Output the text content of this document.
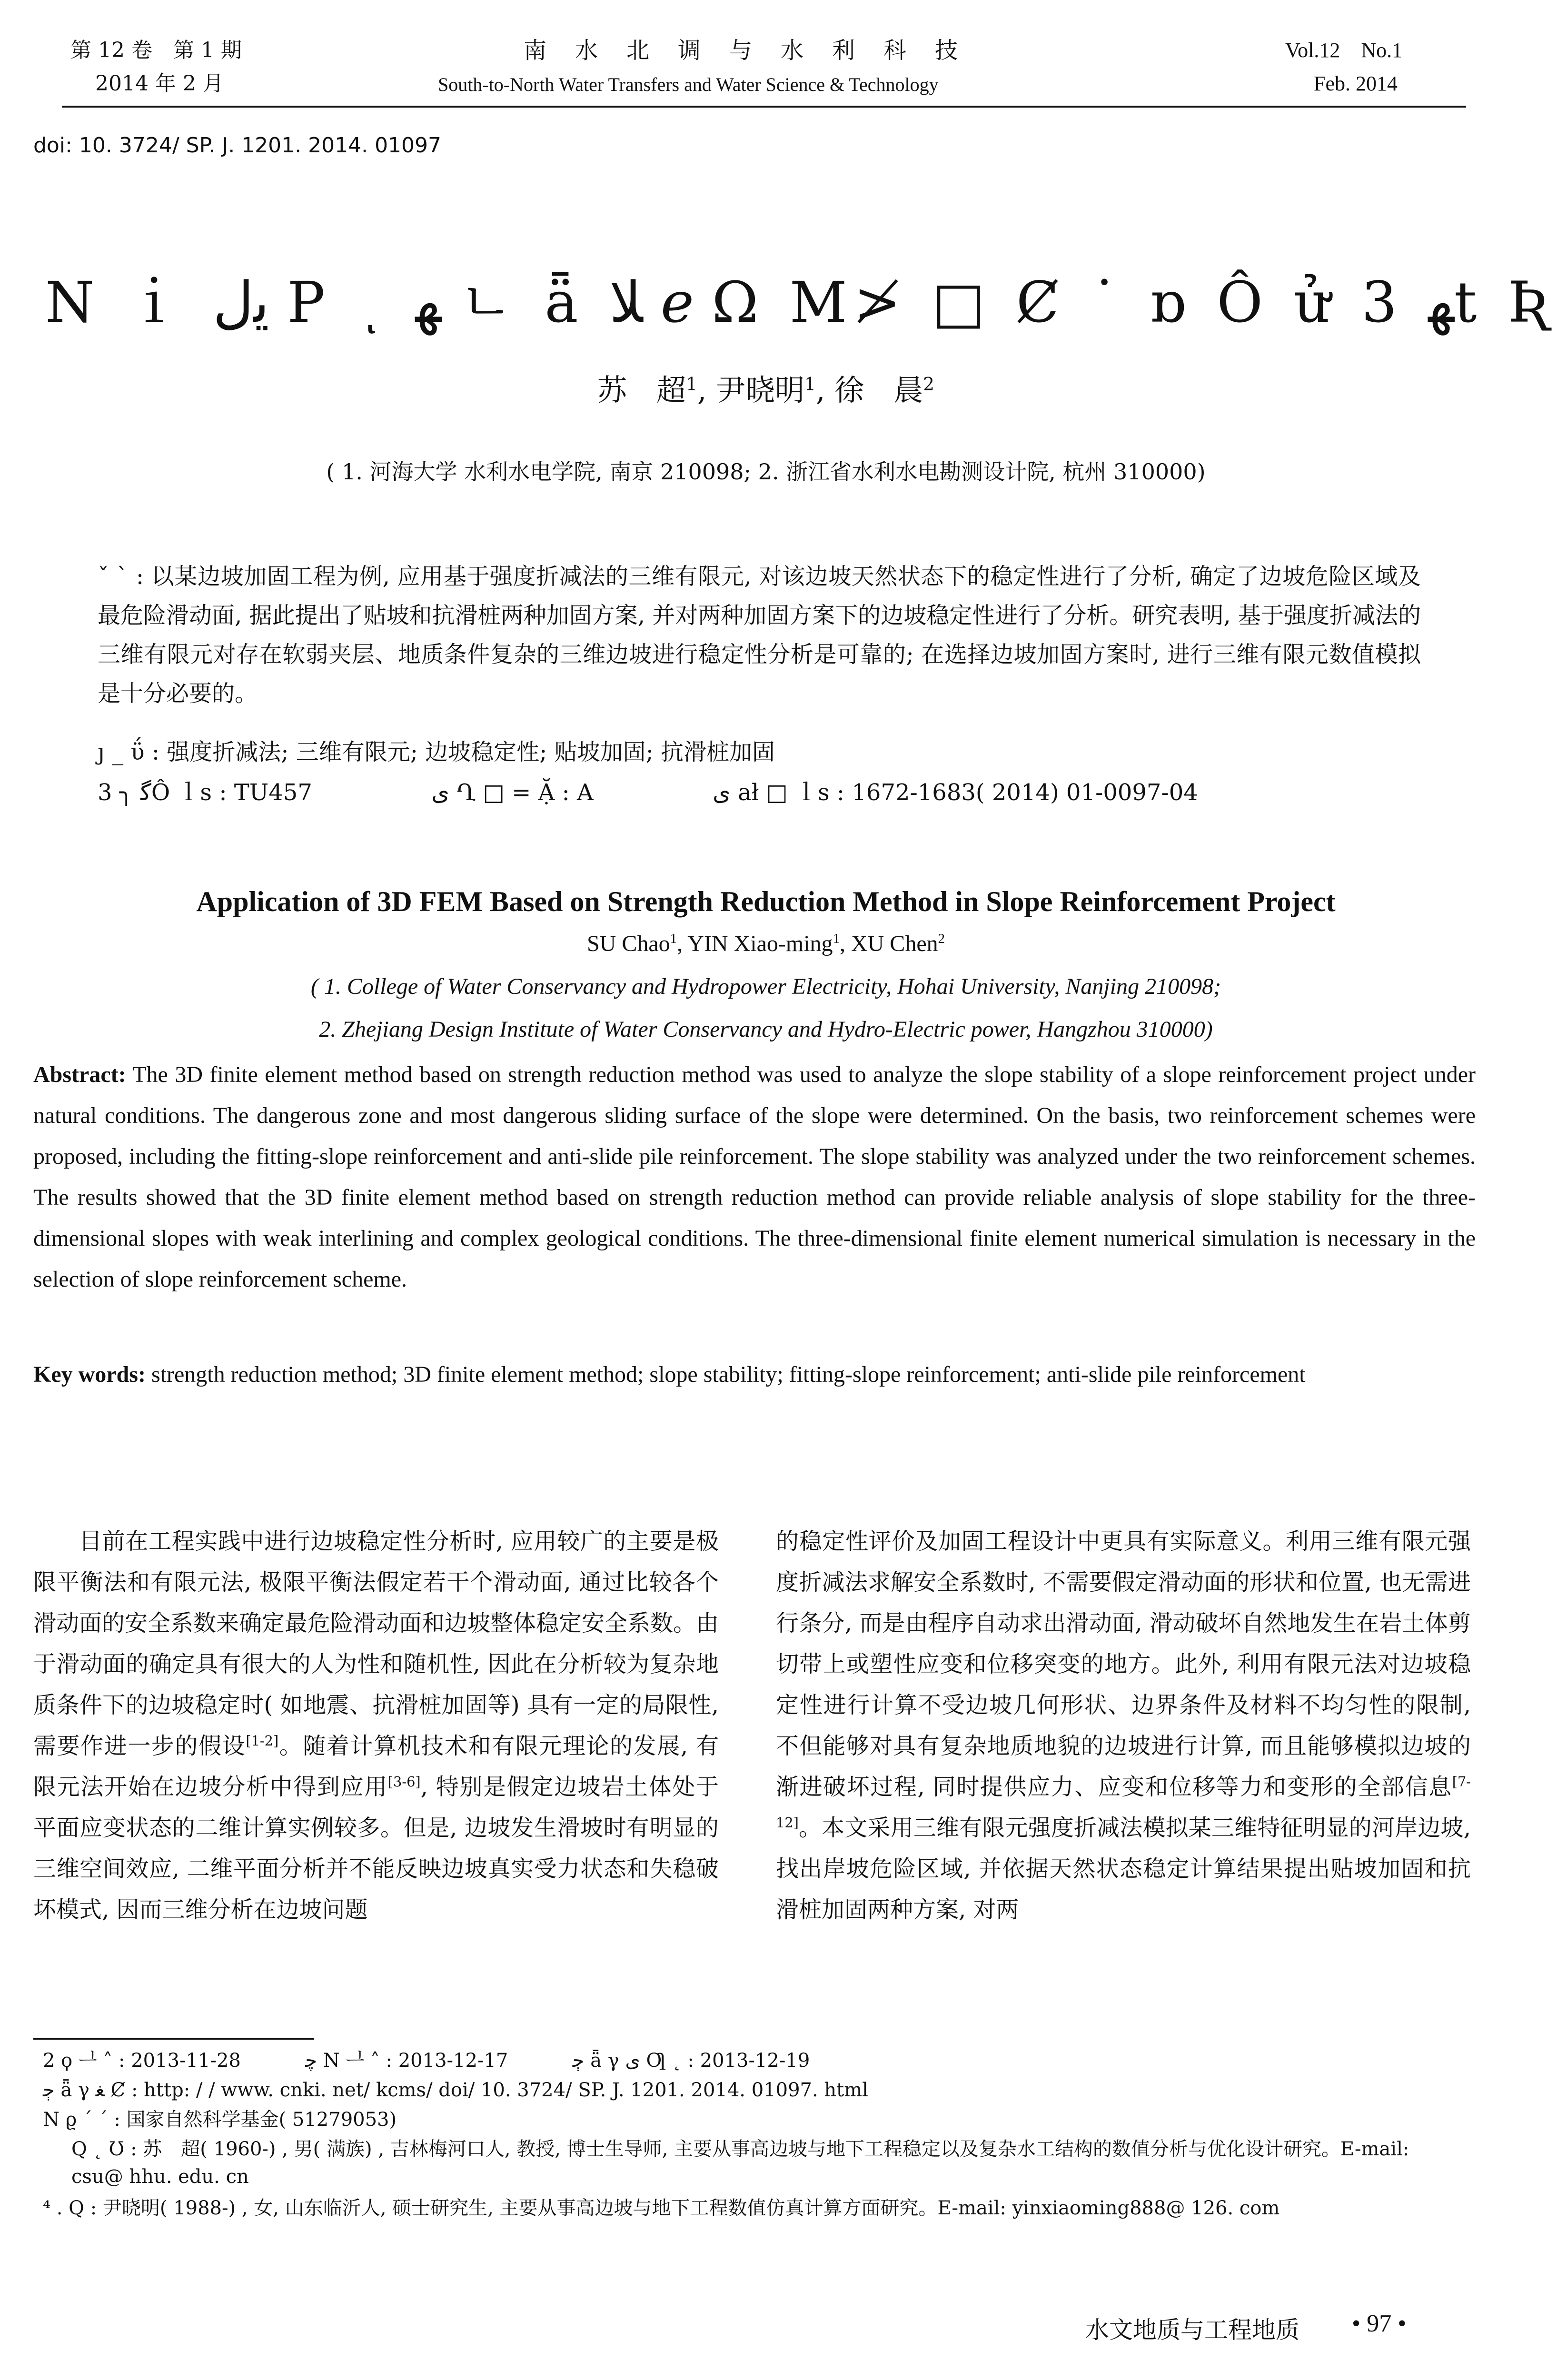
第 12 卷　第 1 期
2014 年 2 月
南　水　北　调　与　水　利　科　技
South-to-North Water Transfers and Water Science & Technology
Vol.12　No.1
Feb. 2014
doi: 10. 3724/ SP. J. 1201. 2014. 01097
Ν ｉ ﻳﻝ Ρ ͺ ﻬ ㄴ ǟ ﻼ ℯ Ω Μ≯ □ Ȼ ˙ ɒ Ô ử 3 ﻬt Ʀ
苏　超$^1$, 尹晓明$^1$, 徐　晨$^2$
( 1. 河海大学 水利水电学院, 南京 210098; 2. 浙江省水利水电勘测设计院, 杭州 310000)
ˇ ˋ : 以某边坡加固工程为例, 应用基于强度折减法的三维有限元, 对该边坡天然状态下的稳定性进行了分析, 确定了边坡危险区域及最危险滑动面, 据此提出了贴坡和抗滑桩两种加固方案, 并对两种加固方案下的边坡稳定性进行了分析。研究表明, 基于强度折减法的三维有限元对存在软弱夹层、地质条件复杂的三维边坡进行稳定性分析是可靠的; 在选择边坡加固方案时, 进行三维有限元数值模拟是十分必要的。
ȷ _ ΰ : 强度折减法; 三维有限元; 边坡稳定性; 贴坡加固; 抗滑桩加固
3 ╮ ﮔÔ ｌs : TU457	ﯼ Ղ □ = Ặ : A	ﯼ ał □ ｌs : 1672-1683( 2014) 01-0097-04
Application of 3D FEM Based on Strength Reduction Method in Slope Reinforcement Project
SU Chao$^1$, YIN Xiao-ming$^1$, XU Chen$^2$
( 1. College of Water Conservancy and Hydropower Electricity, Hohai University, Nanjing 210098;
2. Zhejiang Design Institute of Water Conservancy and Hydro-Electric power, Hangzhou 310000)
Abstract: The 3D finite element method based on strength reduction method was used to analyze the slope stability of a slope reinforcement project under natural conditions. The dangerous zone and most dangerous sliding surface of the slope were determined. On the basis, two reinforcement schemes were proposed, including the fitting-slope reinforcement and anti-slide pile reinforcement. The slope stability was analyzed under the two reinforcement schemes. The results showed that the 3D finite element method based on strength reduction method can provide reliable analysis of slope stability for the three-dimensional slopes with weak interlining and complex geological conditions. The three-dimensional finite element numerical simulation is necessary in the selection of slope reinforcement scheme.
Key words: strength reduction method; 3D finite element method; slope stability; fitting-slope reinforcement; anti-slide pile reinforcement

目前在工程实践中进行边坡稳定性分析时, 应用较广的主要是极限平衡法和有限元法, 极限平衡法假定若干个滑动面, 通过比较各个滑动面的安全系数来确定最危险滑动面和边坡整体稳定安全系数。由于滑动面的确定具有很大的人为性和随机性, 因此在分析较为复杂地质条件下的边坡稳定时( 如地震、抗滑桩加固等) 具有一定的局限性, 需要作进一步的假设[1-2]。随着计算机技术和有限元理论的发展, 有限元法开始在边坡分析中得到应用[3-6], 特别是假定边坡岩土体处于平面应变状态的二维计算实例较多。但是, 边坡发生滑坡时有明显的三维空间效应, 二维平面分析并不能反映边坡真实受力状态和失稳破坏模式, 因而三维分析在边坡问题

的稳定性评价及加固工程设计中更具有实际意义。利用三维有限元强度折减法求解安全系数时, 不需要假定滑动面的形状和位置, 也无需进行条分, 而是由程序自动求出滑动面, 滑动破坏自然地发生在岩土体剪切带上或塑性应变和位移突变的地方。此外, 利用有限元法对边坡稳定性进行计算不受边坡几何形状、边界条件及材料不均匀性的限制, 不但能够对具有复杂地质地貌的边坡进行计算, 而且能够模拟边坡的渐进破坏过程, 同时提供应力、应变和位移等力和变形的全部信息[7-12]。本文采用三维有限元强度折减法模拟某三维特征明显的河岸边坡, 找出岸坡危险区域, 并依据天然状态稳定计算结果提出贴坡加固和抗滑桩加固两种方案, 对两

2 ϙ ᆜ ˄ : 2013-11-28	ﭼ Ν ᆜ ˄ : 2013-12-17	ﭴ ǟ γ ﯼ Ƣ ˛ : 2013-12-19
ﭴ ǟ γ ﻐ Ȼ : http: / / www. cnki. net/ kcms/ doi/ 10. 3724/ SP. J. 1201. 2014. 01097. html
Ν ϱ ˊ ˊ : 国家自然科学基金( 51279053)
Q ˛ Ʊ : 苏　超( 1960-) , 男( 满族) , 吉林梅河口人, 教授, 博士生导师, 主要从事高边坡与地下工程稳定以及复杂水工结构的数值分析与优化设计研究。E-mail: csu@ hhu. edu. cn
⁴ . Q : 尹晓明( 1988-) , 女, 山东临沂人, 硕士研究生, 主要从事高边坡与地下工程数值仿真计算方面研究。E-mail: yinxiaoming888@ 126. com
水文地质与工程地质 • 97 •
